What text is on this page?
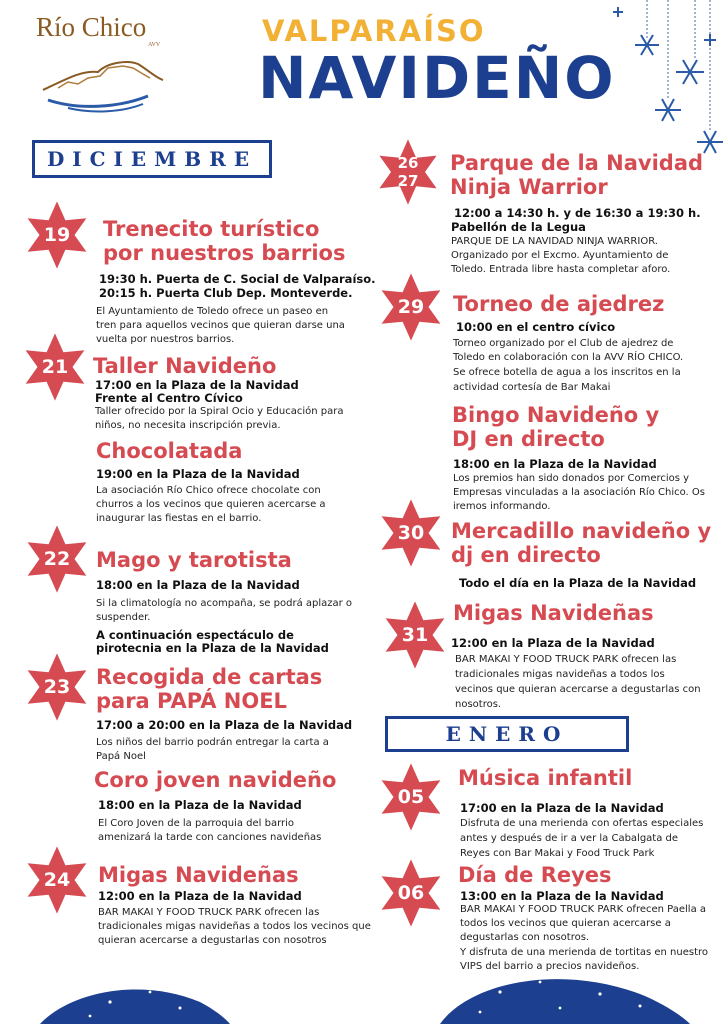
Río Chico
AVV	VALPARAÍSO
NAVIDEÑO
DICIEMBRE
ENERO
19	Trenecito turístico
por nuestros barrios
19:30 h. Puerta de C. Social de Valparaíso.
20:15 h. Puerta Club Dep. Monteverde.
El Ayuntamiento de Toledo ofrece un paseo en
tren para aquellos vecinos que quieran darse una
vuelta por nuestros barrios.
21	Taller Navideño
17:00 en la Plaza de la Navidad
Frente al Centro Cívico
Taller ofrecido por la Spiral Ocio y Educación para
niños, no necesita inscripción previa.
Chocolatada
19:00 en la Plaza de la Navidad
La asociación Río Chico ofrece chocolate con
churros a los vecinos que quieren acercarse a
inaugurar las fiestas en el barrio.
22	Mago y tarotista
18:00 en la Plaza de la Navidad
Si la climatología no acompaña, se podrá aplazar o
suspender.
A continuación espectáculo de
pirotecnia en la Plaza de la Navidad
23	Recogida de cartas
para PAPÁ NOEL
17:00 a 20:00 en la Plaza de la Navidad
Los niños del barrio podrán entregar la carta a
Papá Noel
Coro joven navideño
18:00 en la Plaza de la Navidad
El Coro Joven de la parroquia del barrio
amenizará la tarde con canciones navideñas
24	Migas Navideñas
12:00 en la Plaza de la Navidad
BAR MAKAI Y FOOD TRUCK PARK ofrecen las
tradicionales migas navideñas a todos los vecinos que
quieran acercarse a degustarlas con nosotros
26
27
Parque de la Navidad
Ninja Warrior
12:00 a 14:30 h. y de 16:30 a 19:30 h.
Pabellón de la Legua
PARQUE DE LA NAVIDAD NINJA WARRIOR.
Organizado por el Excmo. Ayuntamiento de
Toledo. Entrada libre hasta completar aforo.
29	Torneo de ajedrez
10:00 en el centro cívico
Torneo organizado por el Club de ajedrez de
Toledo en colaboración con la AVV RÍO CHICO.
Se ofrece botella de agua a los inscritos en la
actividad cortesía de Bar Makai
Bingo Navideño y
DJ en directo
18:00 en la Plaza de la Navidad
Los premios han sido donados por Comercios y
Empresas vinculadas a la asociación Río Chico. Os
iremos informando.
30	Mercadillo navideño y
dj en directo
Todo el día en la Plaza de la Navidad
31
Migas Navideñas
12:00 en la Plaza de la Navidad
BAR MAKAI Y FOOD TRUCK PARK ofrecen las
tradicionales migas navideñas a todos los
vecinos que quieran acercarse a degustarlas con
nosotros.
05
Música infantil
17:00 en la Plaza de la Navidad
Disfruta de una merienda con ofertas especiales
antes y después de ir a ver la Cabalgata de
Reyes con Bar Makai y Food Truck Park
06
Día de Reyes
13:00 en la Plaza de la Navidad
BAR MAKAI Y FOOD TRUCK PARK ofrecen Paella a
todos los vecinos que quieran acercarse a
degustarlas con nosotros.
Y disfruta de una merienda de tortitas en nuestro
VIPS del barrio a precios navideños.
